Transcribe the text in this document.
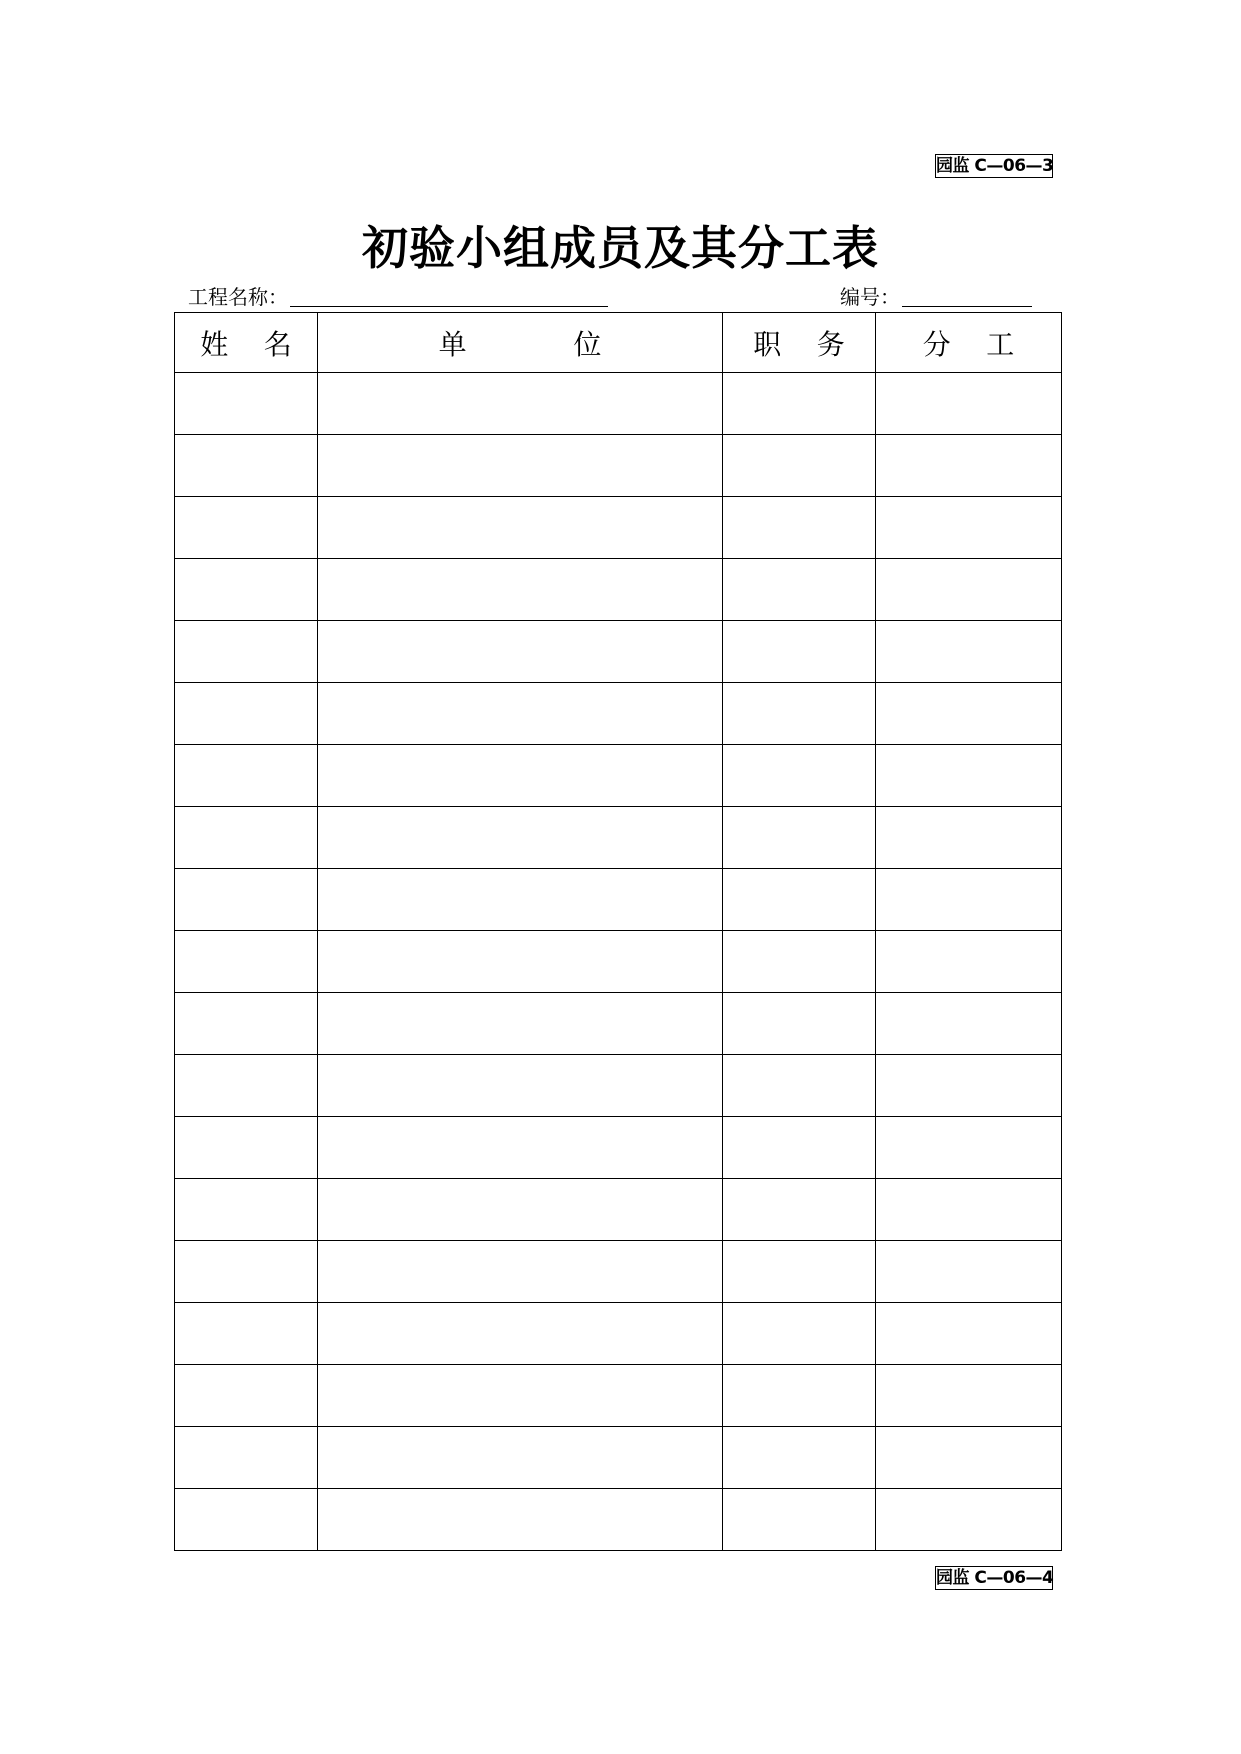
园监 C—06—3
初验小组成员及其分工表
工程名称：	编号：
姓    名	单            位	职    务	分    工

园监 C—06—4
